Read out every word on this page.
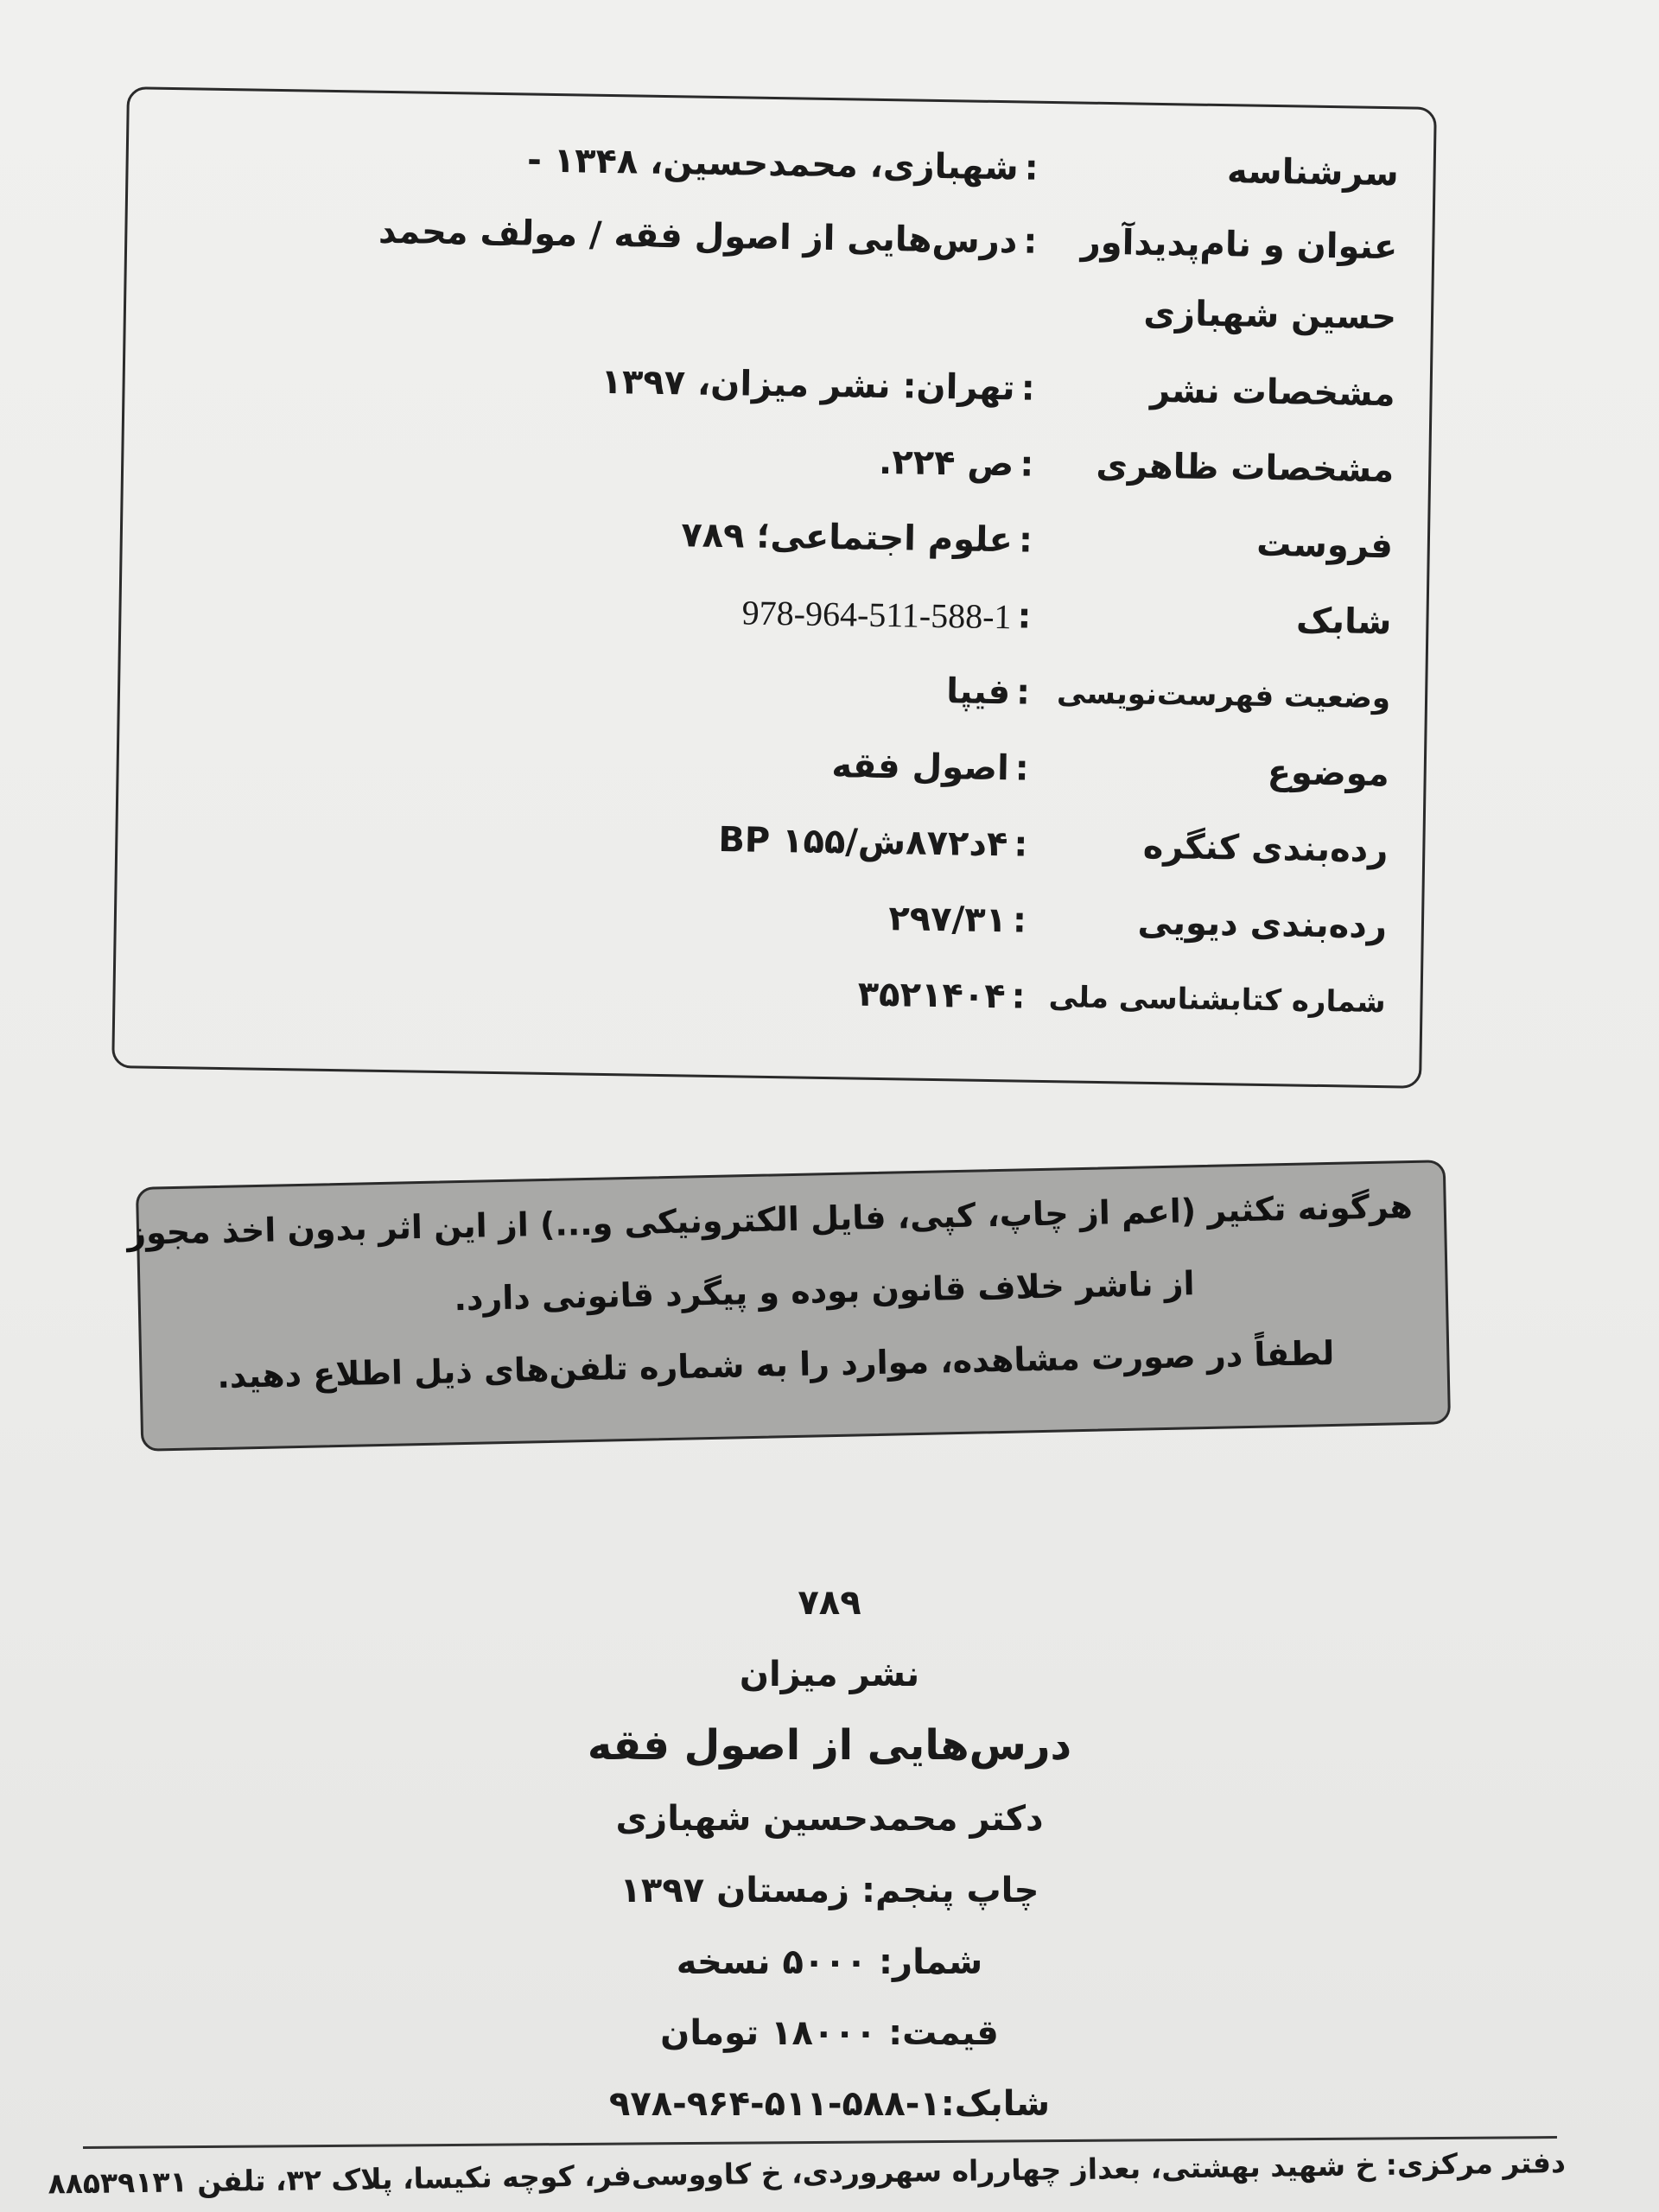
سرشناسه
:
شهبازی، محمدحسین، ۱۳۴۸ -
عنوان و نام‌پدیدآور
:
درس‌هایی از اصول فقه / مولف محمد
حسین شهبازی
مشخصات نشر
:
تهران: نشر میزان، ۱۳۹۷
مشخصات ظاهری
:
ص ۲۲۴.
فروست
:
علوم اجتماعی؛ ۷۸۹
شابک
:
978-964-511-588-1
وضعیت فهرست‌نویسی
:
فیپا
موضوع
:
اصول فقه
رده‌بندی کنگره
:
۴د۸۷۲ش/BP ۱۵۵
رده‌بندی دیویی
:
۲۹۷/۳۱
شماره کتابشناسی ملی
:
۳۵۲۱۴۰۴
هرگونه تکثیر (اعم از چاپ، کپی، فایل الکترونیکی و...) از این اثر بدون اخذ مجوز
از ناشر خلاف قانون بوده و پیگرد قانونی دارد.
لطفاً در صورت مشاهده، موارد را به شماره تلفن‌های ذیل اطلاع دهید.
۷۸۹
نشر میزان
درس‌هایی از اصول فقه
دکتر محمدحسین شهبازی
چاپ پنجم: زمستان ۱۳۹۷
شمار: ۵۰۰۰ نسخه
قیمت: ۱۸۰۰۰ تومان
شابک:۱-۵۸۸-۵۱۱-۹۶۴-۹۷۸
دفتر مرکزی: خ شهید بهشتی، بعداز چهارراه سهروردی، خ کاووسی‌فر، کوچه نکیسا، پلاک ۳۲، تلفن ۸۸۵۳۹۱۳۱
